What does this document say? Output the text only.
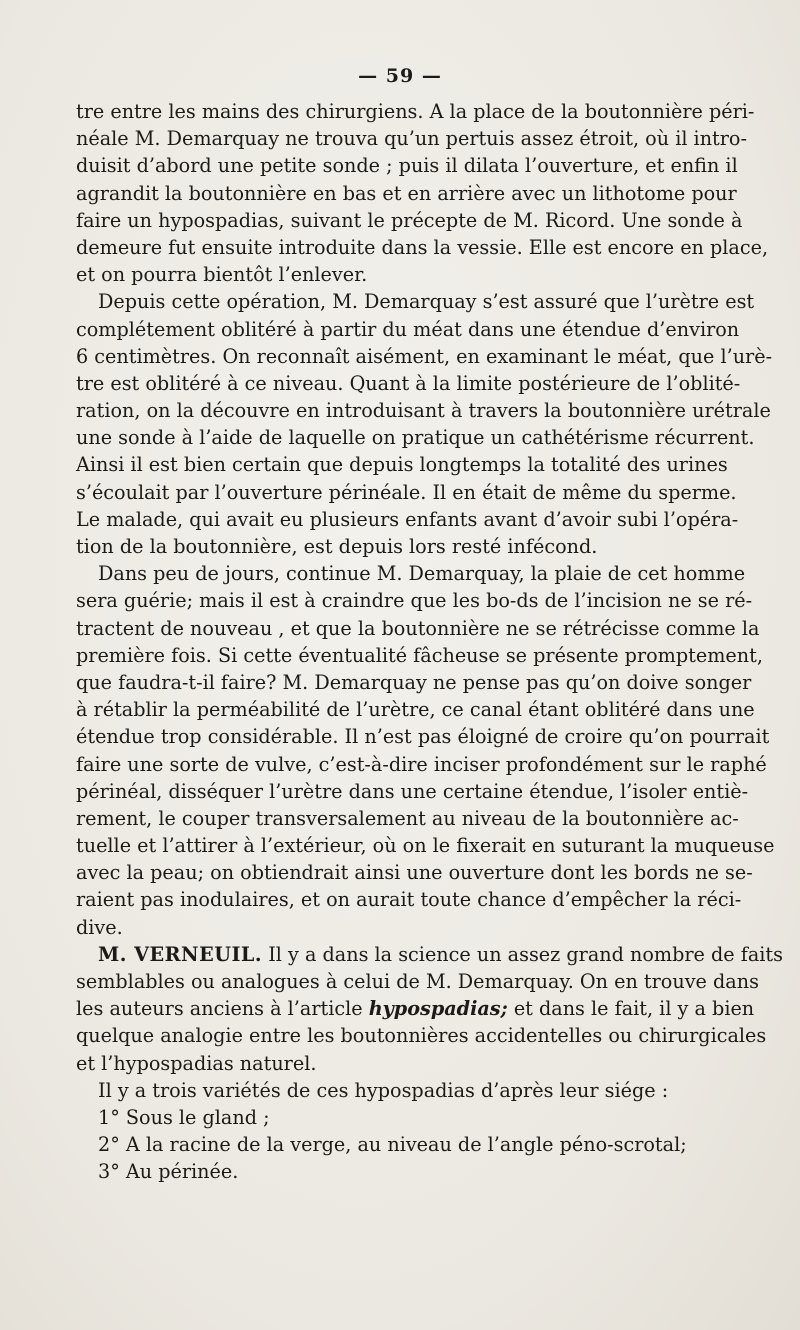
— 59 —
tre entre les mains des chirurgiens. A la place de la boutonnière péri-
néale M. Demarquay ne trouva qu’un pertuis assez étroit, où il intro-
duisit d’abord une petite sonde ; puis il dilata l’ouverture, et enfin il
agrandit la boutonnière en bas et en arrière avec un lithotome pour
faire un hypospadias, suivant le précepte de M. Ricord. Une sonde à
demeure fut ensuite introduite dans la vessie. Elle est encore en place,
et on pourra bientôt l’enlever.
Depuis cette opération, M. Demarquay s’est assuré que l’urètre est
complétement oblitéré à partir du méat dans une étendue d’environ
6 centimètres. On reconnaît aisément, en examinant le méat, que l’urè-
tre est oblitéré à ce niveau. Quant à la limite postérieure de l’oblité-
ration, on la découvre en introduisant à travers la boutonnière urétrale
une sonde à l’aide de laquelle on pratique un cathétérisme récurrent.
Ainsi il est bien certain que depuis longtemps la totalité des urines
s’écoulait par l’ouverture périnéale. Il en était de même du sperme.
Le malade, qui avait eu plusieurs enfants avant d’avoir subi l’opéra-
tion de la boutonnière, est depuis lors resté infécond.
Dans peu de jours, continue M. Demarquay, la plaie de cet homme
sera guérie; mais il est à craindre que les bo-ds de l’incision ne se ré-
tractent de nouveau , et que la boutonnière ne se rétrécisse comme la
première fois. Si cette éventualité fâcheuse se présente promptement,
que faudra-t-il faire? M. Demarquay ne pense pas qu’on doive songer
à rétablir la perméabilité de l’urètre, ce canal étant oblitéré dans une
étendue trop considérable. Il n’est pas éloigné de croire qu’on pourrait
faire une sorte de vulve, c’est-à-dire inciser profondément sur le raphé
périnéal, disséquer l’urètre dans une certaine étendue, l’isoler entiè-
rement, le couper transversalement au niveau de la boutonnière ac-
tuelle et l’attirer à l’extérieur, où on le fixerait en suturant la muqueuse
avec la peau; on obtiendrait ainsi une ouverture dont les bords ne se-
raient pas inodulaires, et on aurait toute chance d’empêcher la réci-
dive.
M. VERNEUIL. Il y a dans la science un assez grand nombre de faits
semblables ou analogues à celui de M. Demarquay. On en trouve dans
les auteurs anciens à l’article hypospadias; et dans le fait, il y a bien
quelque analogie entre les boutonnières accidentelles ou chirurgicales
et l’hypospadias naturel.
Il y a trois variétés de ces hypospadias d’après leur siége :
1° Sous le gland ;
2° A la racine de la verge, au niveau de l’angle péno-scrotal;
3° Au périnée.
